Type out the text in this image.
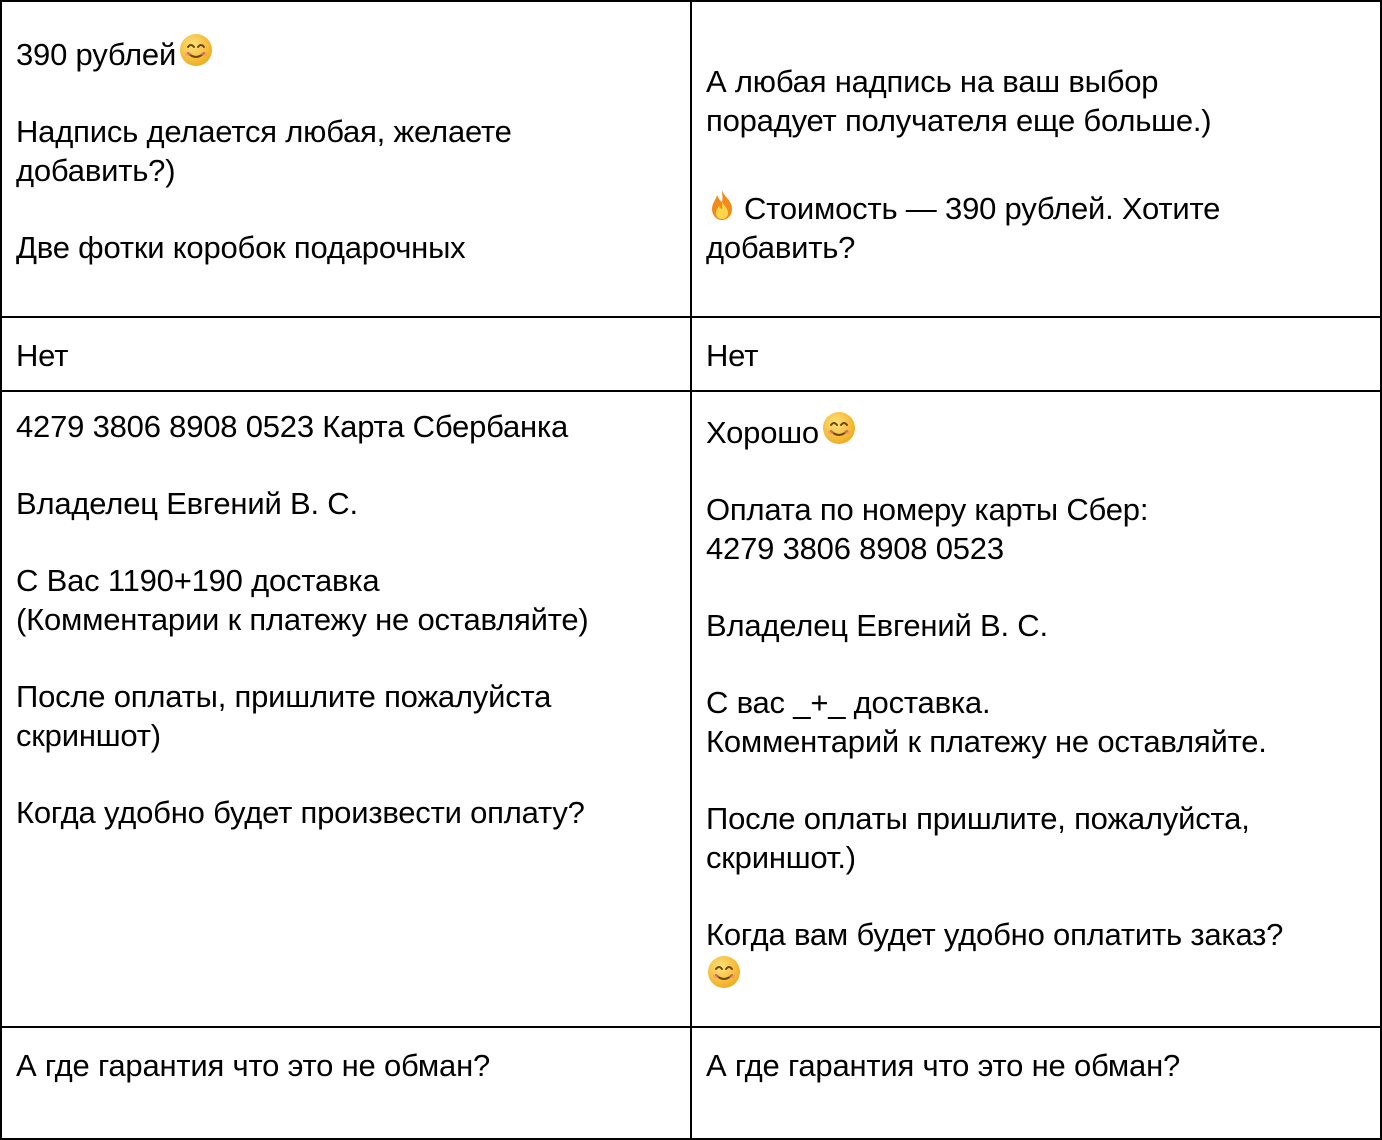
390 рублей

Надпись делается любая, желаете

добавить?)

Две фотки коробок подарочных

А любая надпись на ваш выбор

порадует получателя еще больше.)

Стоимость — 390 рублей. Хотите

добавить?

Нет	Нет

4279 3806 8908 0523 Карта Сбербанка

Владелец Евгений В. С.

С Вас 1190+190 доставка

(Комментарии к платежу не оставляйте)

После оплаты, пришлите пожалуйста

скриншот)

Когда удобно будет произвести оплату?

Хорошо

Оплата по номеру карты Сбер:

4279 3806 8908 0523

Владелец Евгений В. С.

С вас _+_ доставка.

Комментарий к платежу не оставляйте.

После оплаты пришлите, пожалуйста,

скриншот.)

Когда вам будет удобно оплатить заказ?

А где гарантия что это не обман?	А где гарантия что это не обман?
